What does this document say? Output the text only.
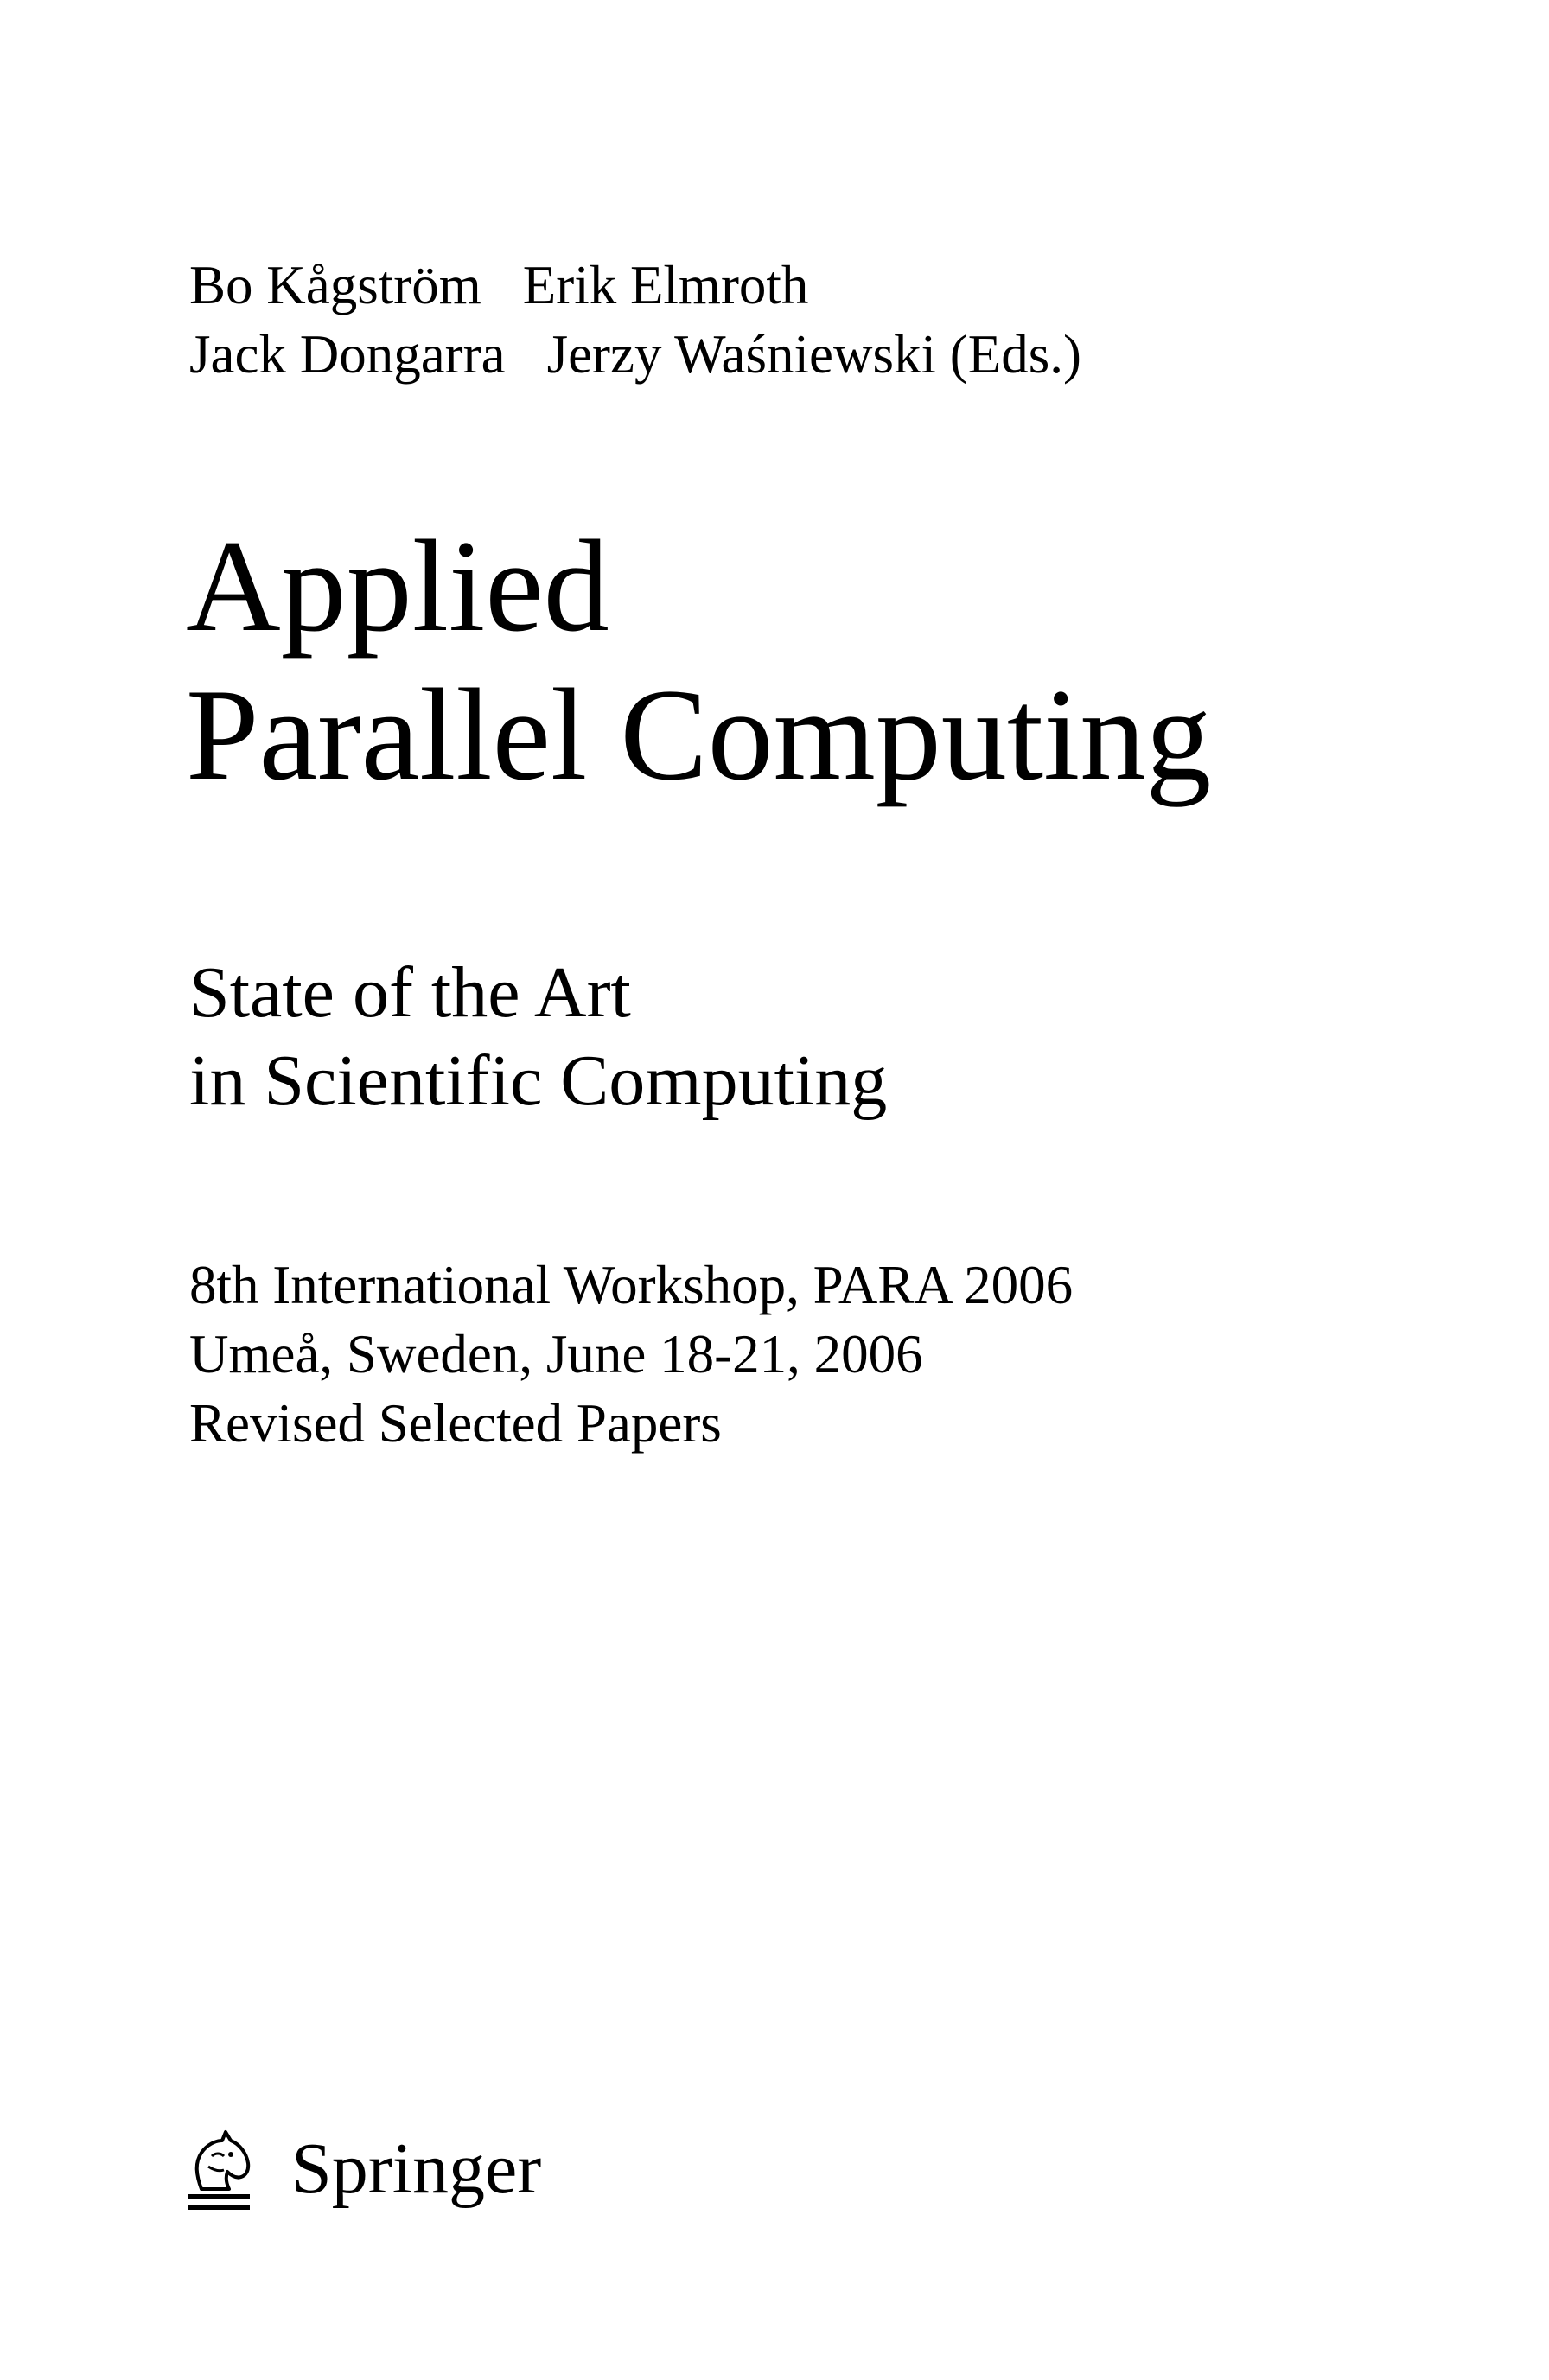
Bo Kågström Erik Elmroth
Jack Dongarra Jerzy Waśniewski (Eds.)
Applied
Parallel Computing
State of the Art
in Scientific Computing
8th International Workshop, PARA 2006
Umeå, Sweden, June 18-21, 2006
Revised Selected Papers
Springer
